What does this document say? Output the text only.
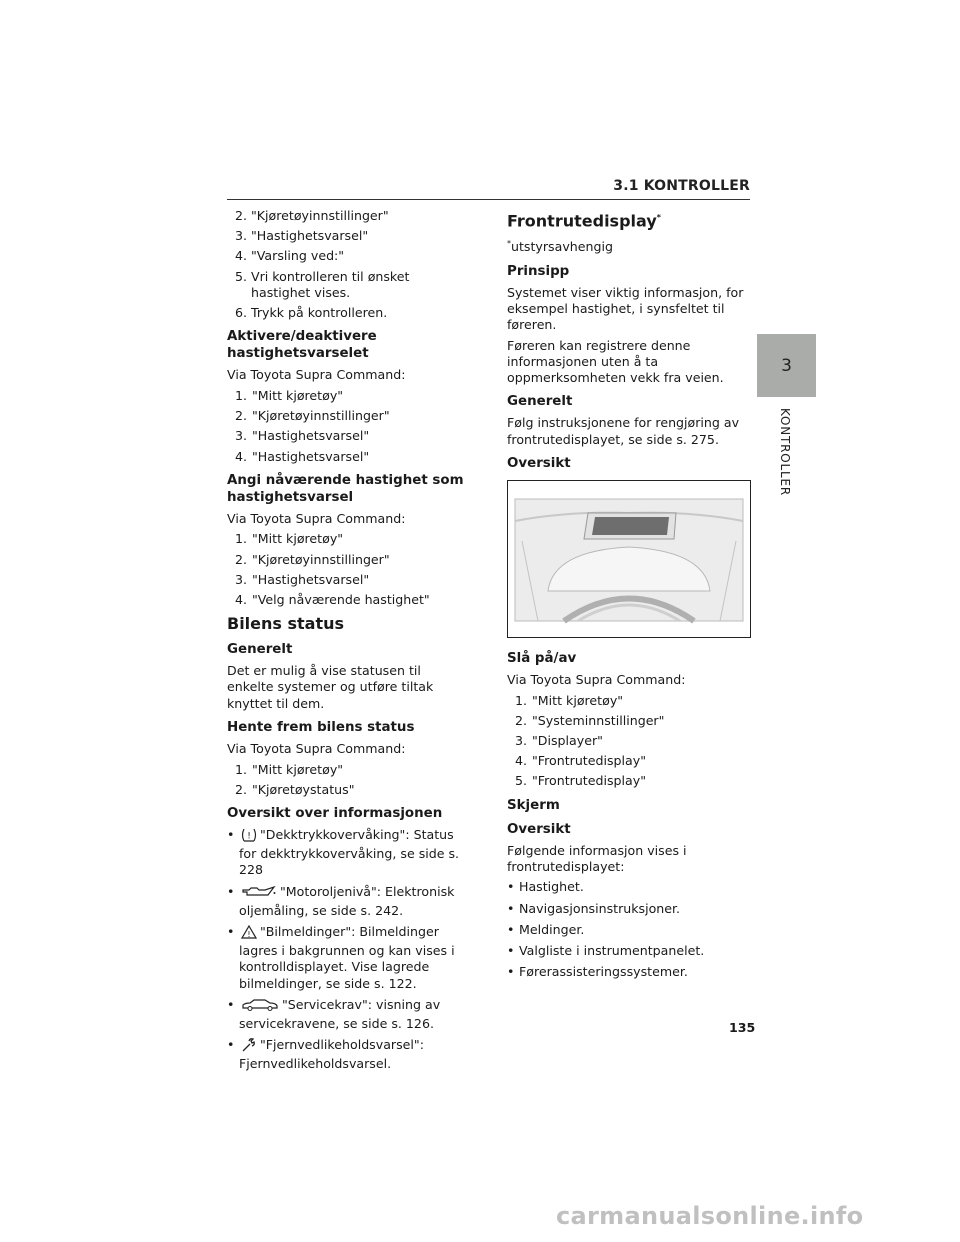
3.1 KONTROLLER
3
KONTROLLER
2. "Kjøretøyinnstillinger"
3. "Hastighetsvarsel"
4. "Varsling ved:"
5. Vri kontrolleren til ønsket hastighet vises.
6. Trykk på kontrolleren.
Aktivere/deaktivere hastighetsvarselet

Via Toyota Supra Command:

1. "Mitt kjøretøy"
2. "Kjøretøyinnstillinger"
3. "Hastighetsvarsel"
4. "Hastighetsvarsel"
Angi nåværende hastighet som hastighetsvarsel

Via Toyota Supra Command:

1. "Mitt kjøretøy"
2. "Kjøretøyinnstillinger"
3. "Hastighetsvarsel"
4. "Velg nåværende hastighet"
Bilens status
Generelt

Det er mulig å vise statusen til enkelte systemer og utføre tiltak knyttet til dem.

Hente frem bilens status

Via Toyota Supra Command:

1. "Mitt kjøretøy"
2. "Kjøretøystatus"
Oversikt over informasjonen
• ! "Dekktrykkovervåking": Status for dekktrykkovervåking, se side s. 228
• "Motoroljenivå": Elektronisk oljemåling, se side s. 242.
• ! "Bilmeldinger": Bilmeldinger lagres i bakgrunnen og kan vises i kontrolldisplayet. Vise lagrede bilmeldinger, se side s. 122.
• "Servicekrav": visning av servicekravene, se side s. 126.
• "Fjernvedlikeholdsvarsel": Fjernvedlikeholdsvarsel.
Frontrutedisplay*

*utstyrsavhengig

Prinsipp

Systemet viser viktig informasjon, for eksempel hastighet, i synsfeltet til føreren.

Føreren kan registrere denne informasjonen uten å ta oppmerksomheten vekk fra veien.

Generelt

Følg instruksjonene for rengjøring av frontrutedisplayet, se side s. 275.

Oversikt
Slå på/av

Via Toyota Supra Command:

1. "Mitt kjøretøy"
2. "Systeminnstillinger"
3. "Displayer"
4. "Frontrutedisplay"
5. "Frontrutedisplay"
Skjerm
Oversikt

Følgende informasjon vises i frontrutedisplayet:

• Hastighet.
• Navigasjonsinstruksjoner.
• Meldinger.
• Valgliste i instrumentpanelet.
• Førerassisteringssystemer.
135
carmanualsonline.info
